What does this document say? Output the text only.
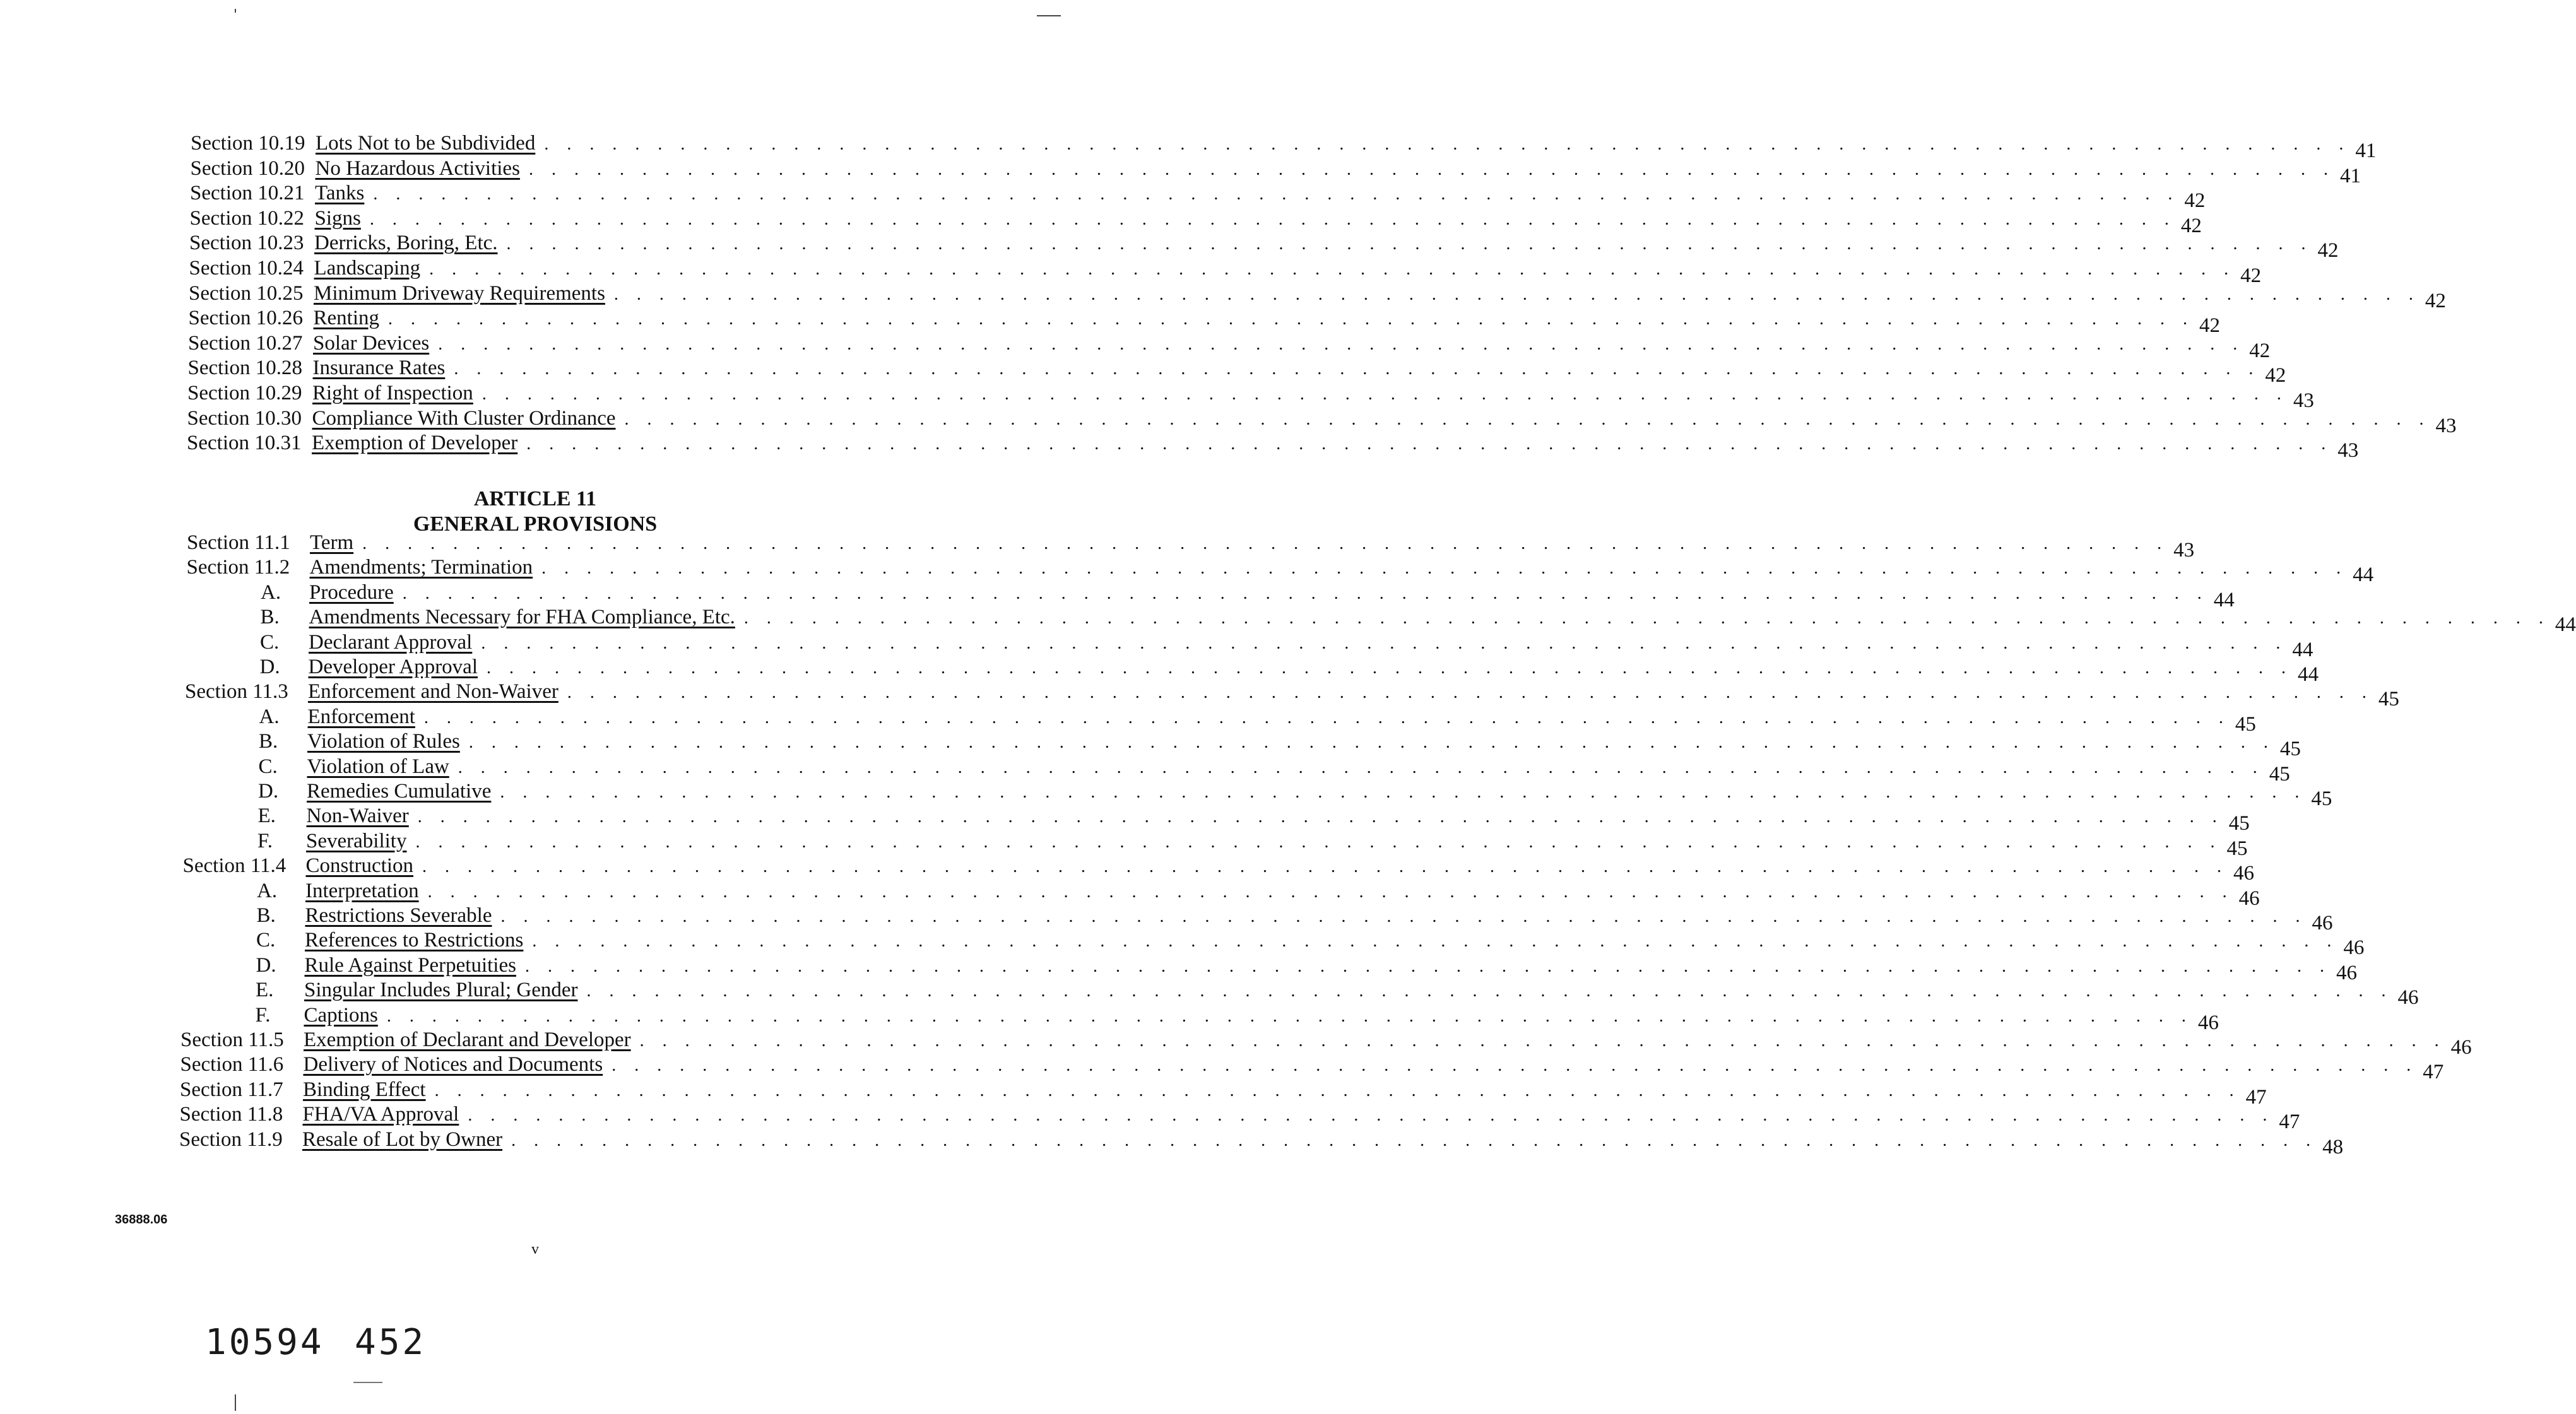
Section 10.19 Lots Not to be Subdivided . . . . . . . . . . . . . . . . . . . . . . . . . . . . . . . . . . . . . . . . . . . . . . . . . . . . . . . . . . . . . . . . . . . . . . . . . . . . . . . . 41
Section 10.20 No Hazardous Activities . . . . . . . . . . . . . . . . . . . . . . . . . . . . . . . . . . . . . . . . . . . . . . . . . . . . . . . . . . . . . . . . . . . . . . . . . . . . . . . . 41
Section 10.21 Tanks . . . . . . . . . . . . . . . . . . . . . . . . . . . . . . . . . . . . . . . . . . . . . . . . . . . . . . . . . . . . . . . . . . . . . . . . . . . . . . . . 42
Section 10.22 Signs . . . . . . . . . . . . . . . . . . . . . . . . . . . . . . . . . . . . . . . . . . . . . . . . . . . . . . . . . . . . . . . . . . . . . . . . . . . . . . . . 42
Section 10.23 Derricks, Boring, Etc. . . . . . . . . . . . . . . . . . . . . . . . . . . . . . . . . . . . . . . . . . . . . . . . . . . . . . . . . . . . . . . . . . . . . . . . . . . . . . . . . 42
Section 10.24 Landscaping . . . . . . . . . . . . . . . . . . . . . . . . . . . . . . . . . . . . . . . . . . . . . . . . . . . . . . . . . . . . . . . . . . . . . . . . . . . . . . . . 42
Section 10.25 Minimum Driveway Requirements . . . . . . . . . . . . . . . . . . . . . . . . . . . . . . . . . . . . . . . . . . . . . . . . . . . . . . . . . . . . . . . . . . . . . . . . . . . . . . . . 42
Section 10.26 Renting . . . . . . . . . . . . . . . . . . . . . . . . . . . . . . . . . . . . . . . . . . . . . . . . . . . . . . . . . . . . . . . . . . . . . . . . . . . . . . . . 42
Section 10.27 Solar Devices . . . . . . . . . . . . . . . . . . . . . . . . . . . . . . . . . . . . . . . . . . . . . . . . . . . . . . . . . . . . . . . . . . . . . . . . . . . . . . . . 42
Section 10.28 Insurance Rates . . . . . . . . . . . . . . . . . . . . . . . . . . . . . . . . . . . . . . . . . . . . . . . . . . . . . . . . . . . . . . . . . . . . . . . . . . . . . . . . 42
Section 10.29 Right of Inspection . . . . . . . . . . . . . . . . . . . . . . . . . . . . . . . . . . . . . . . . . . . . . . . . . . . . . . . . . . . . . . . . . . . . . . . . . . . . . . . . 43
Section 10.30 Compliance With Cluster Ordinance . . . . . . . . . . . . . . . . . . . . . . . . . . . . . . . . . . . . . . . . . . . . . . . . . . . . . . . . . . . . . . . . . . . . . . . . . . . . . . . . 43
Section 10.31 Exemption of Developer . . . . . . . . . . . . . . . . . . . . . . . . . . . . . . . . . . . . . . . . . . . . . . . . . . . . . . . . . . . . . . . . . . . . . . . . . . . . . . . . 43
ARTICLE 11
GENERAL PROVISIONS
Section 11.1 Term . . . . . . . . . . . . . . . . . . . . . . . . . . . . . . . . . . . . . . . . . . . . . . . . . . . . . . . . . . . . . . . . . . . . . . . . . . . . . . . . 43
Section 11.2 Amendments; Termination . . . . . . . . . . . . . . . . . . . . . . . . . . . . . . . . . . . . . . . . . . . . . . . . . . . . . . . . . . . . . . . . . . . . . . . . . . . . . . . . 44
A. Procedure . . . . . . . . . . . . . . . . . . . . . . . . . . . . . . . . . . . . . . . . . . . . . . . . . . . . . . . . . . . . . . . . . . . . . . . . . . . . . . . . 44
B. Amendments Necessary for FHA Compliance, Etc. . . . . . . . . . . . . . . . . . . . . . . . . . . . . . . . . . . . . . . . . . . . . . . . . . . . . . . . . . . . . . . . . . . . . . . . . . . . . . . . . 44
C. Declarant Approval . . . . . . . . . . . . . . . . . . . . . . . . . . . . . . . . . . . . . . . . . . . . . . . . . . . . . . . . . . . . . . . . . . . . . . . . . . . . . . . . 44
D. Developer Approval . . . . . . . . . . . . . . . . . . . . . . . . . . . . . . . . . . . . . . . . . . . . . . . . . . . . . . . . . . . . . . . . . . . . . . . . . . . . . . . . 44
Section 11.3 Enforcement and Non-Waiver . . . . . . . . . . . . . . . . . . . . . . . . . . . . . . . . . . . . . . . . . . . . . . . . . . . . . . . . . . . . . . . . . . . . . . . . . . . . . . . . 45
A. Enforcement . . . . . . . . . . . . . . . . . . . . . . . . . . . . . . . . . . . . . . . . . . . . . . . . . . . . . . . . . . . . . . . . . . . . . . . . . . . . . . . . 45
B. Violation of Rules . . . . . . . . . . . . . . . . . . . . . . . . . . . . . . . . . . . . . . . . . . . . . . . . . . . . . . . . . . . . . . . . . . . . . . . . . . . . . . . . 45
C. Violation of Law . . . . . . . . . . . . . . . . . . . . . . . . . . . . . . . . . . . . . . . . . . . . . . . . . . . . . . . . . . . . . . . . . . . . . . . . . . . . . . . . 45
D. Remedies Cumulative . . . . . . . . . . . . . . . . . . . . . . . . . . . . . . . . . . . . . . . . . . . . . . . . . . . . . . . . . . . . . . . . . . . . . . . . . . . . . . . . 45
E. Non-Waiver . . . . . . . . . . . . . . . . . . . . . . . . . . . . . . . . . . . . . . . . . . . . . . . . . . . . . . . . . . . . . . . . . . . . . . . . . . . . . . . . 45
F. Severability . . . . . . . . . . . . . . . . . . . . . . . . . . . . . . . . . . . . . . . . . . . . . . . . . . . . . . . . . . . . . . . . . . . . . . . . . . . . . . . . 45
Section 11.4 Construction . . . . . . . . . . . . . . . . . . . . . . . . . . . . . . . . . . . . . . . . . . . . . . . . . . . . . . . . . . . . . . . . . . . . . . . . . . . . . . . . 46
A. Interpretation . . . . . . . . . . . . . . . . . . . . . . . . . . . . . . . . . . . . . . . . . . . . . . . . . . . . . . . . . . . . . . . . . . . . . . . . . . . . . . . . 46
B. Restrictions Severable . . . . . . . . . . . . . . . . . . . . . . . . . . . . . . . . . . . . . . . . . . . . . . . . . . . . . . . . . . . . . . . . . . . . . . . . . . . . . . . . 46
C. References to Restrictions . . . . . . . . . . . . . . . . . . . . . . . . . . . . . . . . . . . . . . . . . . . . . . . . . . . . . . . . . . . . . . . . . . . . . . . . . . . . . . . . 46
D. Rule Against Perpetuities . . . . . . . . . . . . . . . . . . . . . . . . . . . . . . . . . . . . . . . . . . . . . . . . . . . . . . . . . . . . . . . . . . . . . . . . . . . . . . . . 46
E. Singular Includes Plural; Gender . . . . . . . . . . . . . . . . . . . . . . . . . . . . . . . . . . . . . . . . . . . . . . . . . . . . . . . . . . . . . . . . . . . . . . . . . . . . . . . . 46
F. Captions . . . . . . . . . . . . . . . . . . . . . . . . . . . . . . . . . . . . . . . . . . . . . . . . . . . . . . . . . . . . . . . . . . . . . . . . . . . . . . . . 46
Section 11.5 Exemption of Declarant and Developer . . . . . . . . . . . . . . . . . . . . . . . . . . . . . . . . . . . . . . . . . . . . . . . . . . . . . . . . . . . . . . . . . . . . . . . . . . . . . . . . 46
Section 11.6 Delivery of Notices and Documents . . . . . . . . . . . . . . . . . . . . . . . . . . . . . . . . . . . . . . . . . . . . . . . . . . . . . . . . . . . . . . . . . . . . . . . . . . . . . . . . 47
Section 11.7 Binding Effect . . . . . . . . . . . . . . . . . . . . . . . . . . . . . . . . . . . . . . . . . . . . . . . . . . . . . . . . . . . . . . . . . . . . . . . . . . . . . . . . 47
Section 11.8 FHA/VA Approval . . . . . . . . . . . . . . . . . . . . . . . . . . . . . . . . . . . . . . . . . . . . . . . . . . . . . . . . . . . . . . . . . . . . . . . . . . . . . . . . 47
Section 11.9 Resale of Lot by Owner . . . . . . . . . . . . . . . . . . . . . . . . . . . . . . . . . . . . . . . . . . . . . . . . . . . . . . . . . . . . . . . . . . . . . . . . . . . . . . . . 48
36888.06
v
10594 452
